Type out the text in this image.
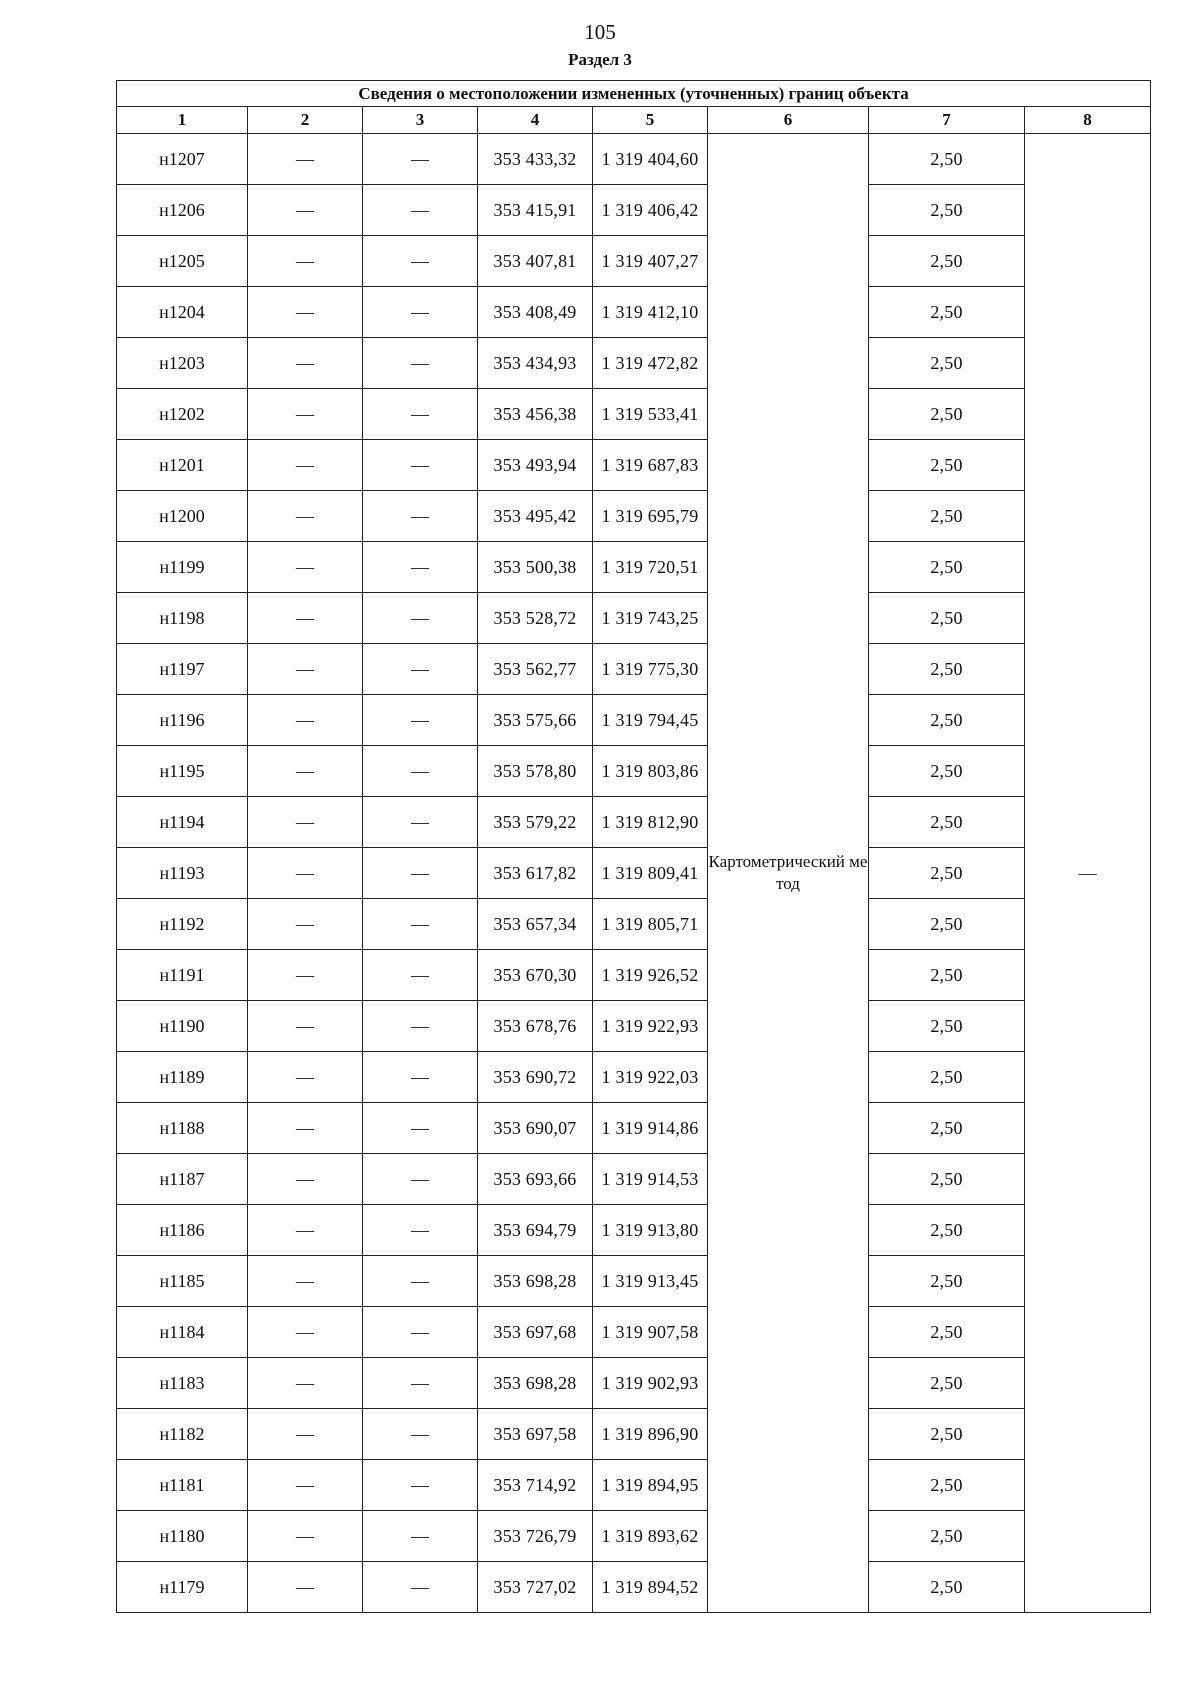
105
Раздел 3
Сведения о местоположении измененных (уточненных) границ объекта							
1	2	3	4	5	6	7	8
н1207	—	—	353 433,32	1 319 404,60	Картометрический метод	2,50	—
н1206	—	—	353 415,91	1 319 406,42		2,50	
н1205	—	—	353 407,81	1 319 407,27		2,50	
н1204	—	—	353 408,49	1 319 412,10		2,50	
н1203	—	—	353 434,93	1 319 472,82		2,50	
н1202	—	—	353 456,38	1 319 533,41		2,50	
н1201	—	—	353 493,94	1 319 687,83		2,50	
н1200	—	—	353 495,42	1 319 695,79		2,50	
н1199	—	—	353 500,38	1 319 720,51		2,50	
н1198	—	—	353 528,72	1 319 743,25		2,50	
н1197	—	—	353 562,77	1 319 775,30		2,50	
н1196	—	—	353 575,66	1 319 794,45		2,50	
н1195	—	—	353 578,80	1 319 803,86		2,50	
н1194	—	—	353 579,22	1 319 812,90		2,50	
н1193	—	—	353 617,82	1 319 809,41		2,50	
н1192	—	—	353 657,34	1 319 805,71		2,50	
н1191	—	—	353 670,30	1 319 926,52		2,50	
н1190	—	—	353 678,76	1 319 922,93		2,50	
н1189	—	—	353 690,72	1 319 922,03		2,50	
н1188	—	—	353 690,07	1 319 914,86		2,50	
н1187	—	—	353 693,66	1 319 914,53		2,50	
н1186	—	—	353 694,79	1 319 913,80		2,50	
н1185	—	—	353 698,28	1 319 913,45		2,50	
н1184	—	—	353 697,68	1 319 907,58		2,50	
н1183	—	—	353 698,28	1 319 902,93		2,50	
н1182	—	—	353 697,58	1 319 896,90		2,50	
н1181	—	—	353 714,92	1 319 894,95		2,50	
н1180	—	—	353 726,79	1 319 893,62		2,50	
н1179	—	—	353 727,02	1 319 894,52		2,50	
